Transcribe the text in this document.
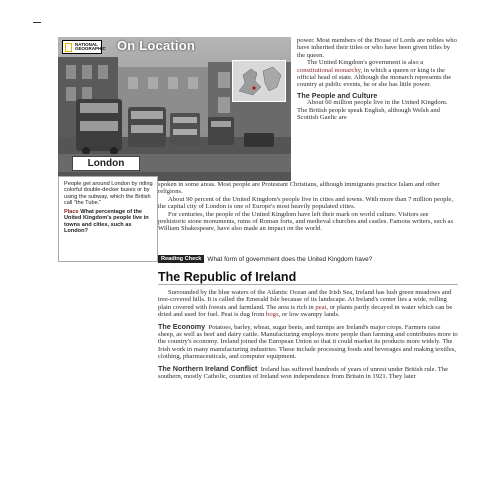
NATIONAL GEOGRAPHIC On Location
London

People get around London by riding colorful double-decker buses or by using the subway, which the British call "the Tube."

Place What percentage of the United Kingdom's people live in towns and cities, such as London?

power. Most members of the House of Lords are nobles who have inherited their titles or who have been given titles by the queen.

The United Kingdom's government is also a constitutional monarchy, in which a queen or king is the official head of state. Although the monarch represents the country at public events, he or she has little power.

The People and Culture

About 60 million people live in the United Kingdom. The British people speak English, although Welsh and Scottish Gaelic are

spoken in some areas. Most people are Protestant Christians, although immigrants practice Islam and other religions.

About 90 percent of the United Kingdom's people live in cities and towns. With more than 7 million people, the capital city of London is one of Europe's most heavily populated cities.

For centuries, the people of the United Kingdom have left their mark on world culture. Visitors see prehistoric stone monuments, ruins of Roman forts, and medieval churches and castles. Famous writers, such as William Shakespeare, have also made an impact on the world.

Reading Check What form of government does the United Kingdom have?
The Republic of Ireland

Surrounded by the blue waters of the Atlantic Ocean and the Irish Sea, Ireland has lush green meadows and tree-covered hills. It is called the Emerald Isle because of its landscape. At Ireland's center lies a wide, rolling plain covered with forests and farmland. The area is rich in peat, or plants partly decayed in water which can be dried and used for fuel. Peat is dug from bogs, or low swampy lands.

The Economy Potatoes, barley, wheat, sugar beets, and turnips are Ireland's major crops. Farmers raise sheep, as well as beef and dairy cattle. Manufacturing employs more people than farming and contributes more to the country's economy. Ireland joined the European Union so that it could market its products more widely. The Irish work in many manufacturing industries. These include processing foods and beverages and making textiles, clothing, pharmaceuticals, and computer equipment.

The Northern Ireland Conflict Ireland has suffered hundreds of years of unrest under British rule. The southern, mostly Catholic, counties of Ireland won independence from Britain in 1921. They later
